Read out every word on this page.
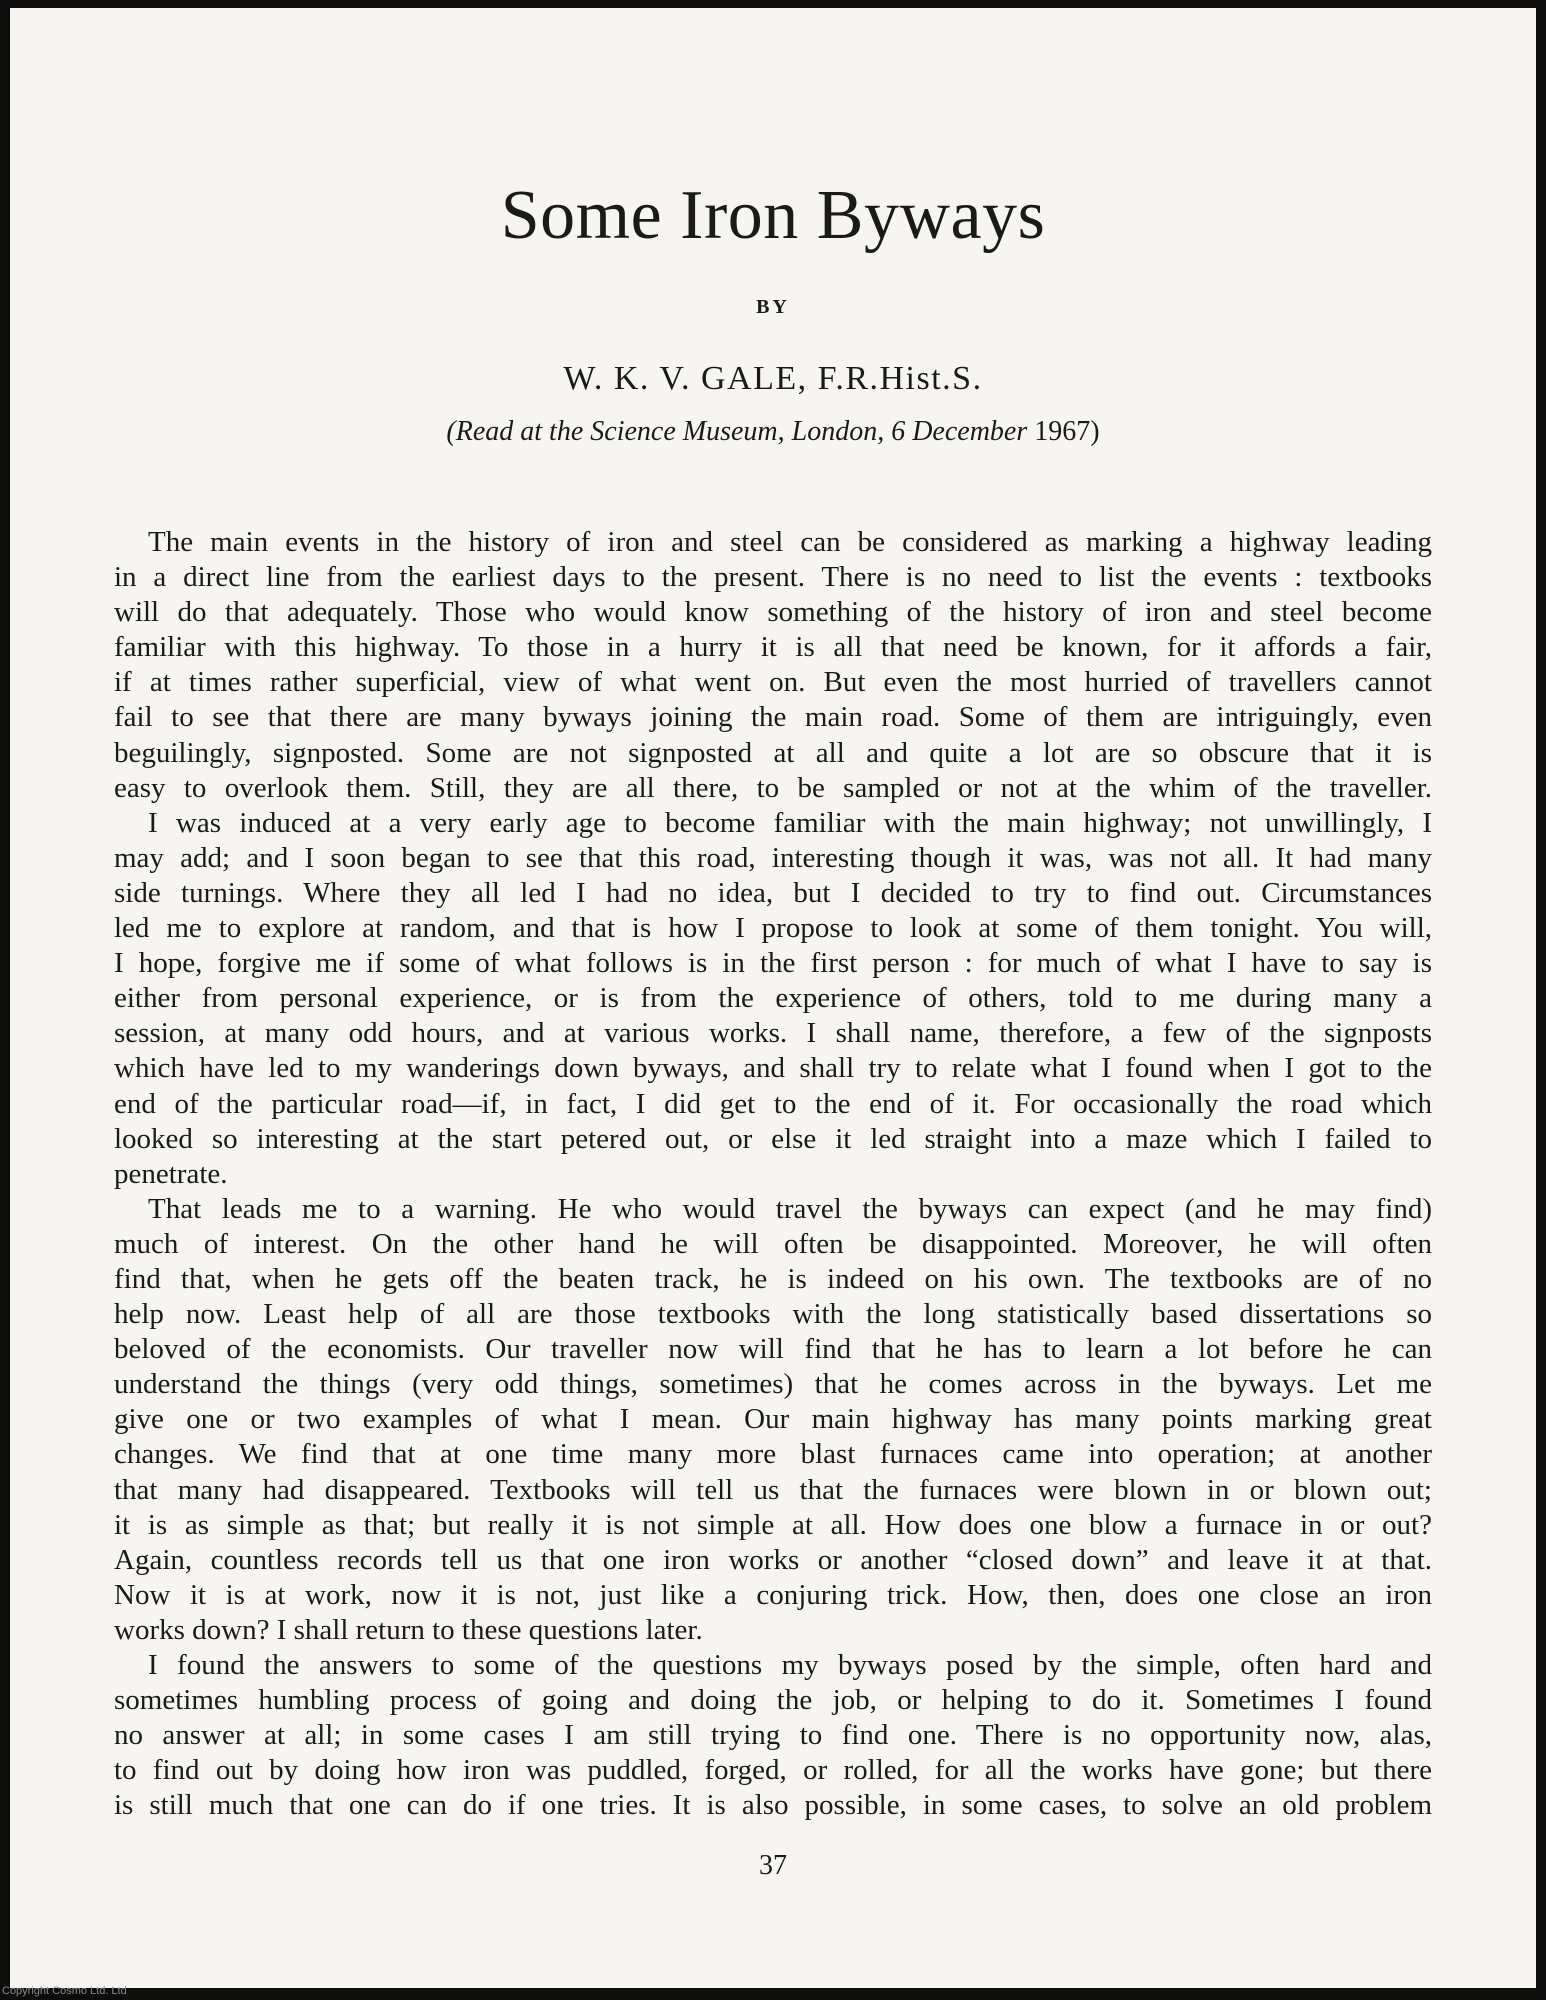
Some Iron Byways
BY
W. K. V. GALE, F.R.Hist.S.
(Read at the Science Museum, London, 6 December 1967)
The main events in the history of iron and steel can be considered as marking a highway leading
in a direct line from the earliest days to the present. There is no need to list the events : textbooks
will do that adequately. Those who would know something of the history of iron and steel become
familiar with this highway. To those in a hurry it is all that need be known, for it affords a fair,
if at times rather superficial, view of what went on. But even the most hurried of travellers cannot
fail to see that there are many byways joining the main road. Some of them are intriguingly, even
beguilingly, signposted. Some are not signposted at all and quite a lot are so obscure that it is
easy to overlook them. Still, they are all there, to be sampled or not at the whim of the traveller.
I was induced at a very early age to become familiar with the main highway; not unwillingly, I
may add; and I soon began to see that this road, interesting though it was, was not all. It had many
side turnings. Where they all led I had no idea, but I decided to try to find out. Circumstances
led me to explore at random, and that is how I propose to look at some of them tonight. You will,
I hope, forgive me if some of what follows is in the first person : for much of what I have to say is
either from personal experience, or is from the experience of others, told to me during many a
session, at many odd hours, and at various works. I shall name, therefore, a few of the signposts
which have led to my wanderings down byways, and shall try to relate what I found when I got to the
end of the particular road—if, in fact, I did get to the end of it. For occasionally the road which
looked so interesting at the start petered out, or else it led straight into a maze which I failed to
penetrate.
That leads me to a warning. He who would travel the byways can expect (and he may find)
much of interest. On the other hand he will often be disappointed. Moreover, he will often
find that, when he gets off the beaten track, he is indeed on his own. The textbooks are of no
help now. Least help of all are those textbooks with the long statistically based dissertations so
beloved of the economists. Our traveller now will find that he has to learn a lot before he can
understand the things (very odd things, sometimes) that he comes across in the byways. Let me
give one or two examples of what I mean. Our main highway has many points marking great
changes. We find that at one time many more blast furnaces came into operation; at another
that many had disappeared. Textbooks will tell us that the furnaces were blown in or blown out;
it is as simple as that; but really it is not simple at all. How does one blow a furnace in or out?
Again, countless records tell us that one iron works or another “closed down” and leave it at that.
Now it is at work, now it is not, just like a conjuring trick. How, then, does one close an iron
works down? I shall return to these questions later.
I found the answers to some of the questions my byways posed by the simple, often hard and
sometimes humbling process of going and doing the job, or helping to do it. Sometimes I found
no answer at all; in some cases I am still trying to find one. There is no opportunity now, alas,
to find out by doing how iron was puddled, forged, or rolled, for all the works have gone; but there
is still much that one can do if one tries. It is also possible, in some cases, to solve an old problem
37
Copyright Cosmo Ltd. Ltd
